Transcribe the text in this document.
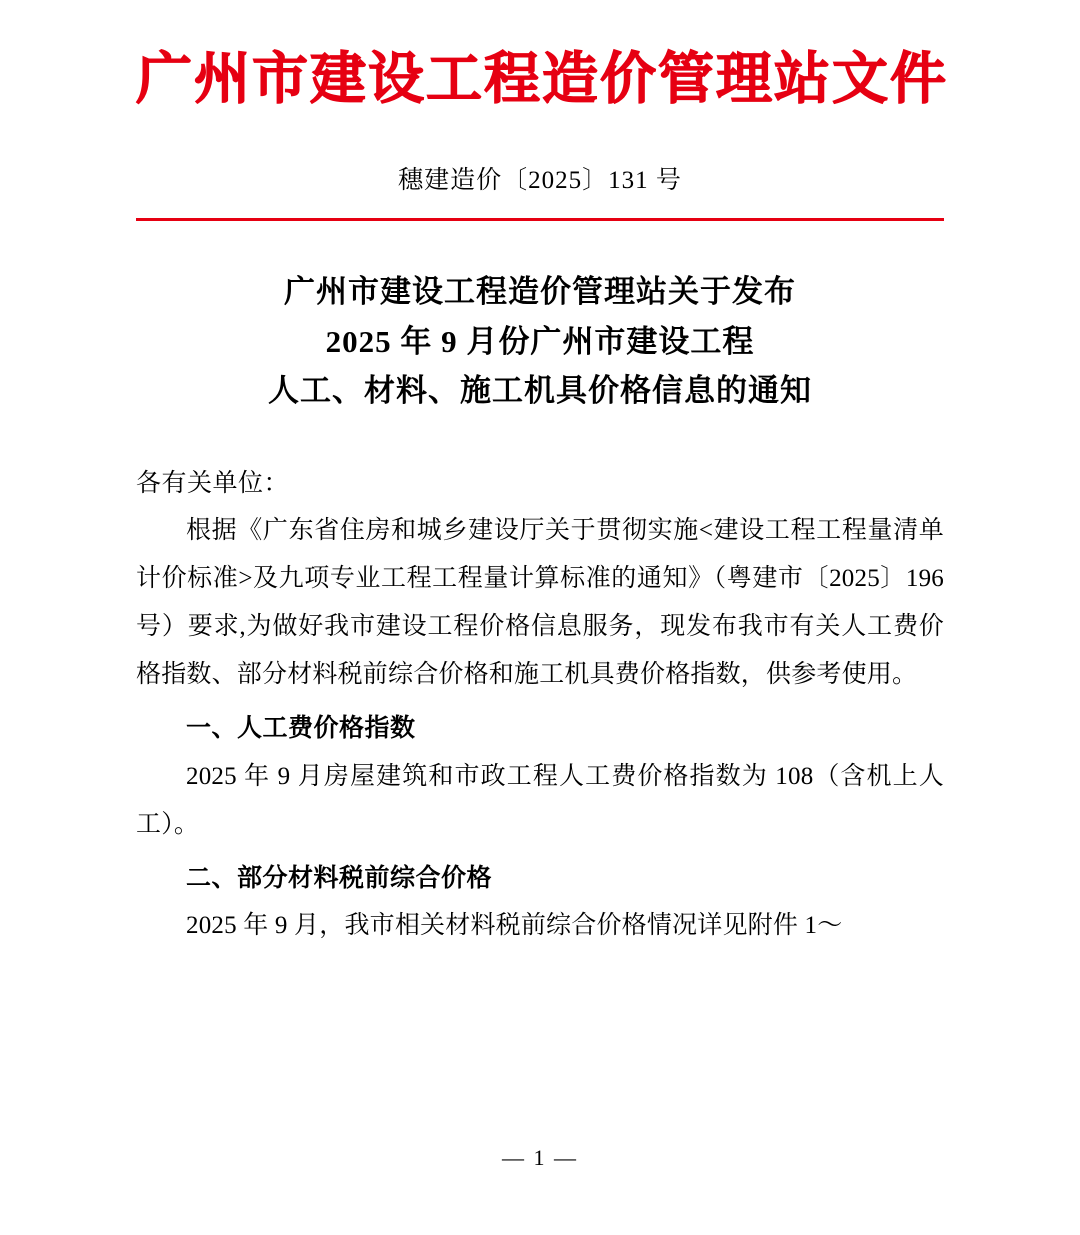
广州市建设工程造价管理站文件
穗建造价〔2025〕131 号
广州市建设工程造价管理站关于发布
2025 年 9 月份广州市建设工程
人工、材料、施工机具价格信息的通知
各有关单位：

根据《广东省住房和城乡建设厅关于贯彻实施<建设工程工程量清单计价标准>及九项专业工程工程量计算标准的通知》（粤建市〔2025〕196 号）要求,为做好我市建设工程价格信息服务，现发布我市有关人工费价格指数、部分材料税前综合价格和施工机具费价格指数，供参考使用。

一、人工费价格指数

2025 年 9 月房屋建筑和市政工程人工费价格指数为 108（含机上人工）。

二、部分材料税前综合价格

2025 年 9 月，我市相关材料税前综合价格情况详见附件 1～

— 1 —
